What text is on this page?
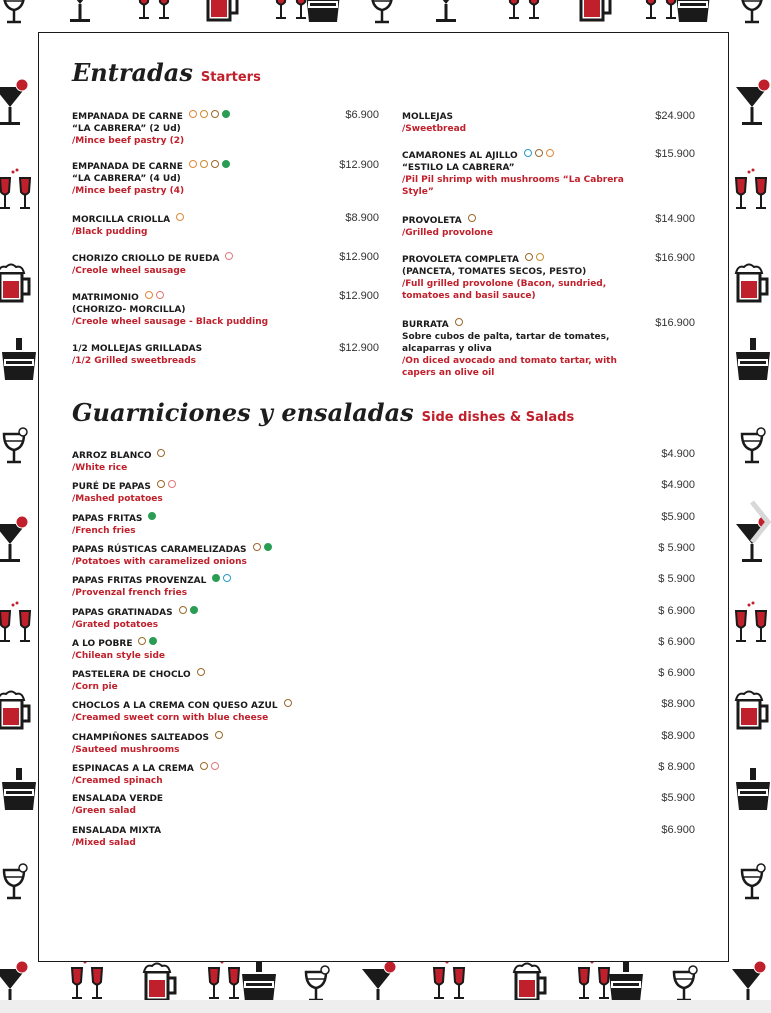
Entradas Starters
EMPANADA DE CARNE
“LA CABRERA” (2 Ud)
/Mince beef pastry (2)
$6.900
EMPANADA DE CARNE
“LA CABRERA” (4 Ud)
/Mince beef pastry (4)
$12.900
MORCILLA CRIOLLA
/Black pudding
$8.900
CHORIZO CRIOLLO DE RUEDA
/Creole wheel sausage
$12.900
MATRIMONIO
(CHORIZO- MORCILLA)
/Creole wheel sausage - Black pudding
$12.900
1/2 MOLLEJAS GRILLADAS
/1/2 Grilled sweetbreads
$12.900
MOLLEJAS
/Sweetbread
$24.900
CAMARONES AL AJILLO
“ESTILO LA CABRERA”
/Pil Pil shrimp with mushrooms “La Cabrera
Style”
$15.900
PROVOLETA
/Grilled provolone
$14.900
PROVOLETA COMPLETA
(PANCETA, TOMATES SECOS, PESTO)
/Full grilled provolone (Bacon, sundried,
tomatoes and basil sauce)
$16.900
BURRATA
Sobre cubos de palta, tartar de tomates,
alcaparras y oliva
/On diced avocado and tomato tartar, with
capers an olive oil
$16.900
Guarniciones y ensaladas Side dishes & Salads
ARROZ BLANCO
/White rice
$4.900
PURÉ DE PAPAS
/Mashed potatoes
$4.900
PAPAS FRITAS
/French fries
$5.900
PAPAS RÚSTICAS CARAMELIZADAS
/Potatoes with caramelized onions
$ 5.900
PAPAS FRITAS PROVENZAL
/Provenzal french fries
$ 5.900
PAPAS GRATINADAS
/Grated potatoes
$ 6.900
A LO POBRE
/Chilean style side
$ 6.900
PASTELERA DE CHOCLO
/Corn pie
$ 6.900
CHOCLOS A LA CREMA CON QUESO AZUL
/Creamed sweet corn with blue cheese
$8.900
CHAMPIÑONES SALTEADOS
/Sauteed mushrooms
$8.900
ESPINACAS A LA CREMA
/Creamed spinach
$ 8.900
ENSALADA VERDE
/Green salad
$5.900
ENSALADA MIXTA
/Mixed salad
$6.900
